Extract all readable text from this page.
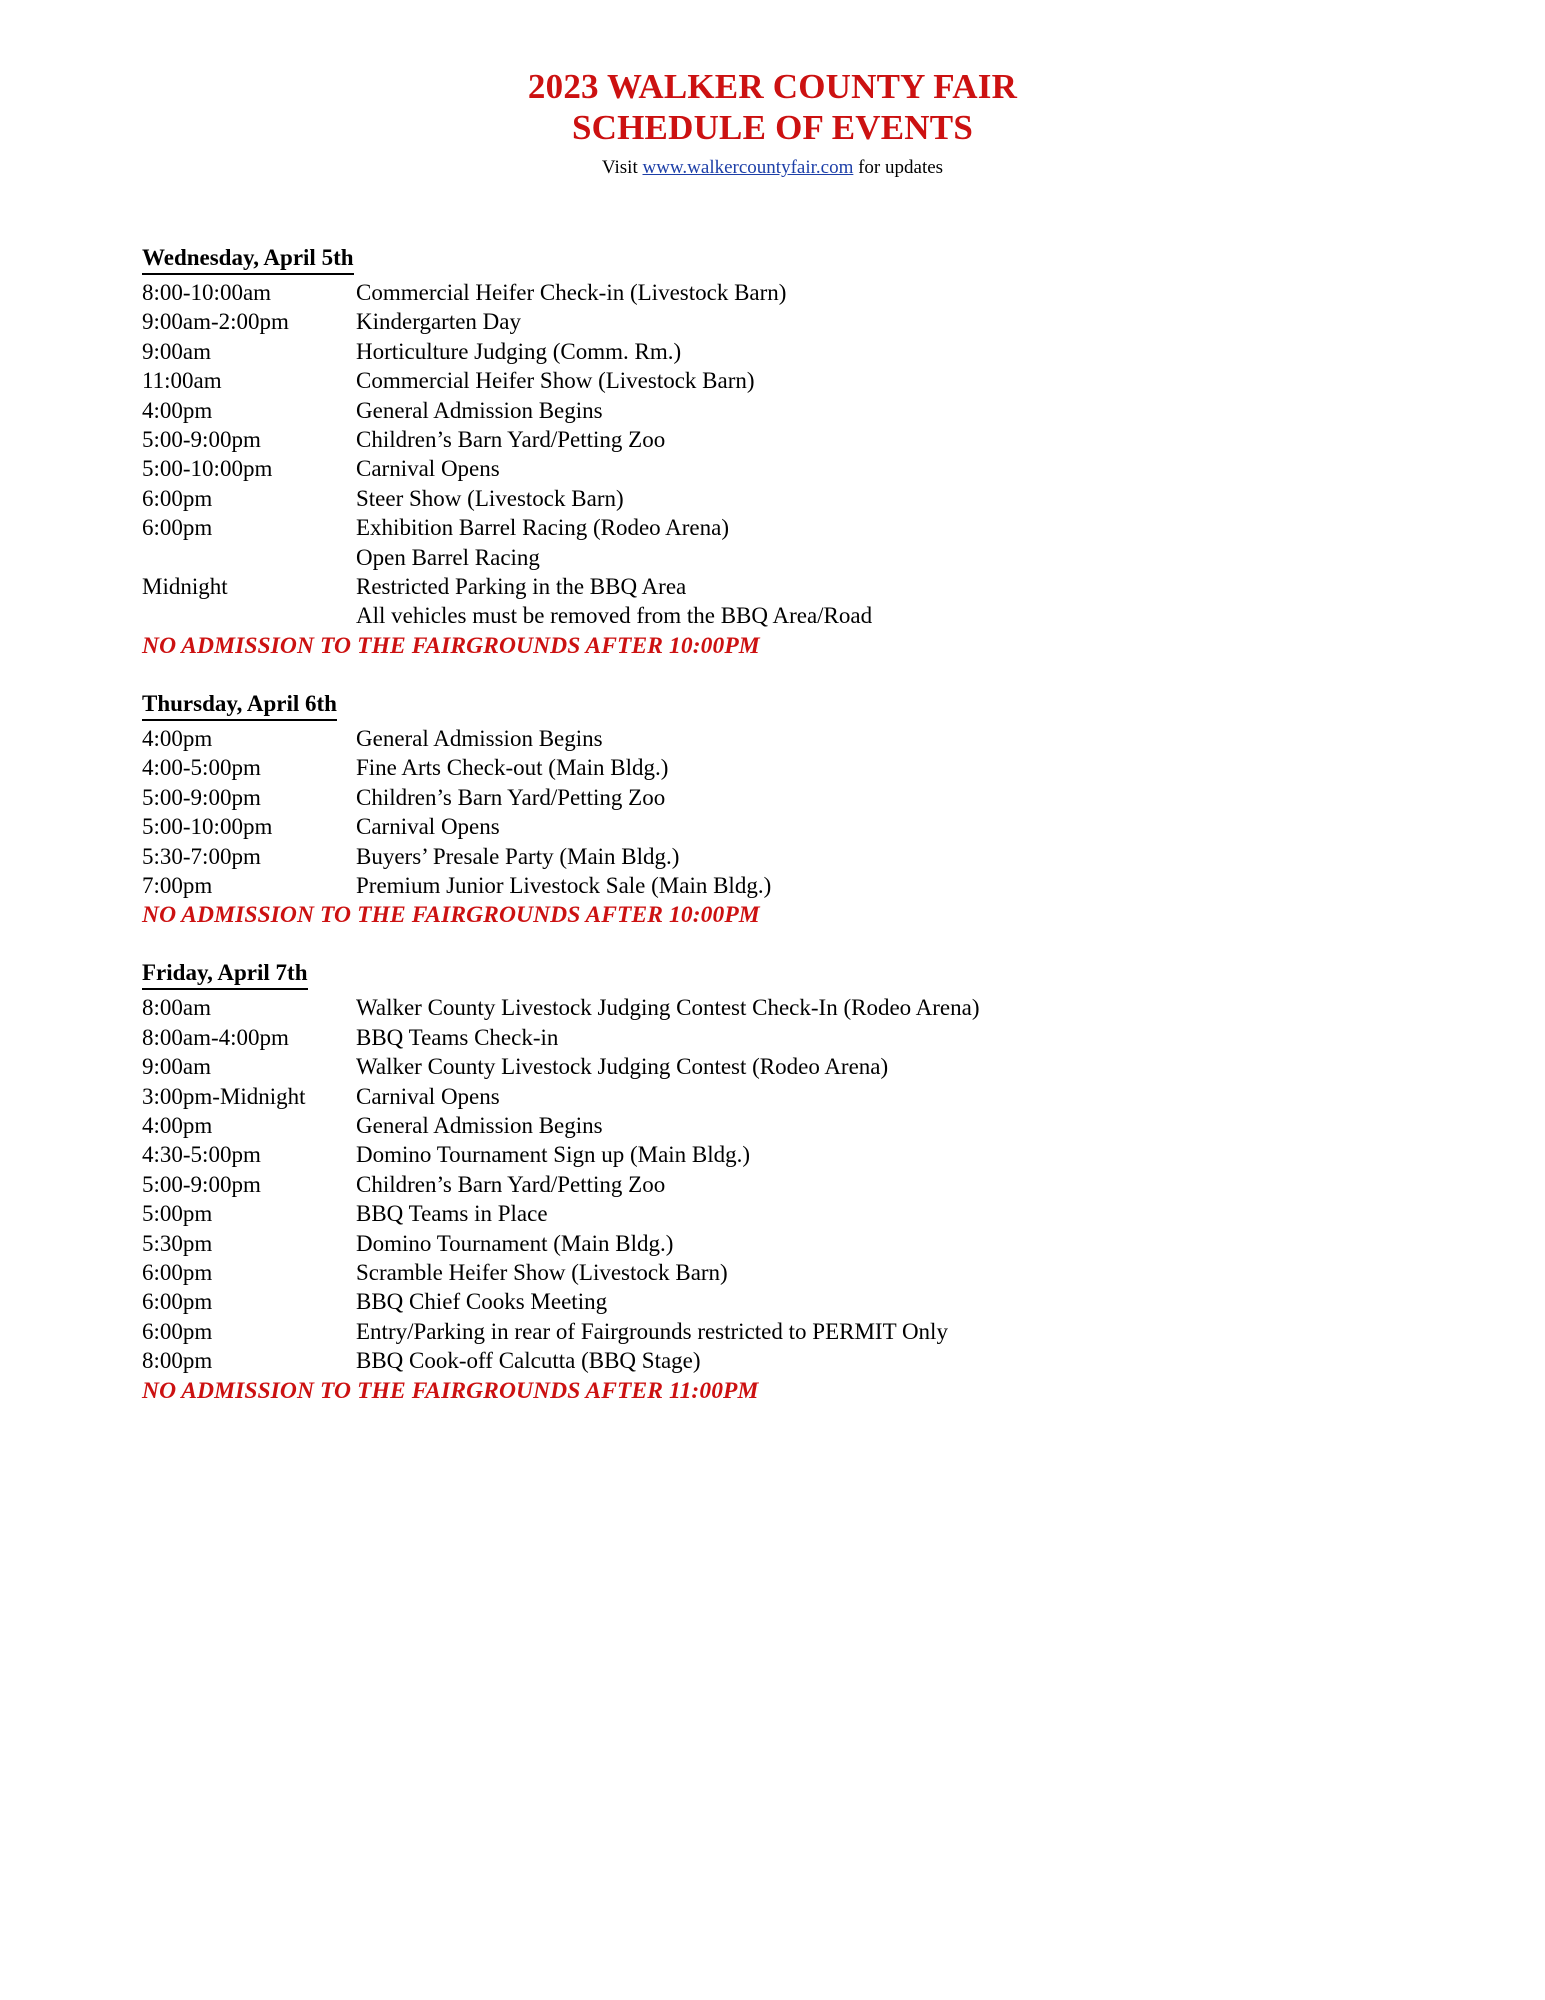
2023 WALKER COUNTY FAIR
SCHEDULE OF EVENTS
Visit www.walkercountyfair.com for updates
Wednesday, April 5th
8:00-10:00am	Commercial Heifer Check-in (Livestock Barn)
9:00am-2:00pm	Kindergarten Day
9:00am	Horticulture Judging (Comm. Rm.)
11:00am	Commercial Heifer Show (Livestock Barn)
4:00pm	General Admission Begins
5:00-9:00pm	Children’s Barn Yard/Petting Zoo
5:00-10:00pm	Carnival Opens
6:00pm	Steer Show (Livestock Barn)
6:00pm	Exhibition Barrel Racing (Rodeo Arena)
Open Barrel Racing
Midnight	Restricted Parking in the BBQ Area
All vehicles must be removed from the BBQ Area/Road
NO ADMISSION TO THE FAIRGROUNDS AFTER 10:00PM
Thursday, April 6th
4:00pm	General Admission Begins
4:00-5:00pm	Fine Arts Check-out (Main Bldg.)
5:00-9:00pm	Children’s Barn Yard/Petting Zoo
5:00-10:00pm	Carnival Opens
5:30-7:00pm	Buyers’ Presale Party (Main Bldg.)
7:00pm	Premium Junior Livestock Sale (Main Bldg.)
NO ADMISSION TO THE FAIRGROUNDS AFTER 10:00PM
Friday, April 7th
8:00am	Walker County Livestock Judging Contest Check-In (Rodeo Arena)
8:00am-4:00pm	BBQ Teams Check-in
9:00am	Walker County Livestock Judging Contest (Rodeo Arena)
3:00pm-Midnight	Carnival Opens
4:00pm	General Admission Begins
4:30-5:00pm	Domino Tournament Sign up (Main Bldg.)
5:00-9:00pm	Children’s Barn Yard/Petting Zoo
5:00pm	BBQ Teams in Place
5:30pm	Domino Tournament (Main Bldg.)
6:00pm	Scramble Heifer Show (Livestock Barn)
6:00pm	BBQ Chief Cooks Meeting
6:00pm	Entry/Parking in rear of Fairgrounds restricted to PERMIT Only
8:00pm	BBQ Cook-off Calcutta (BBQ Stage)
NO ADMISSION TO THE FAIRGROUNDS AFTER 11:00PM
